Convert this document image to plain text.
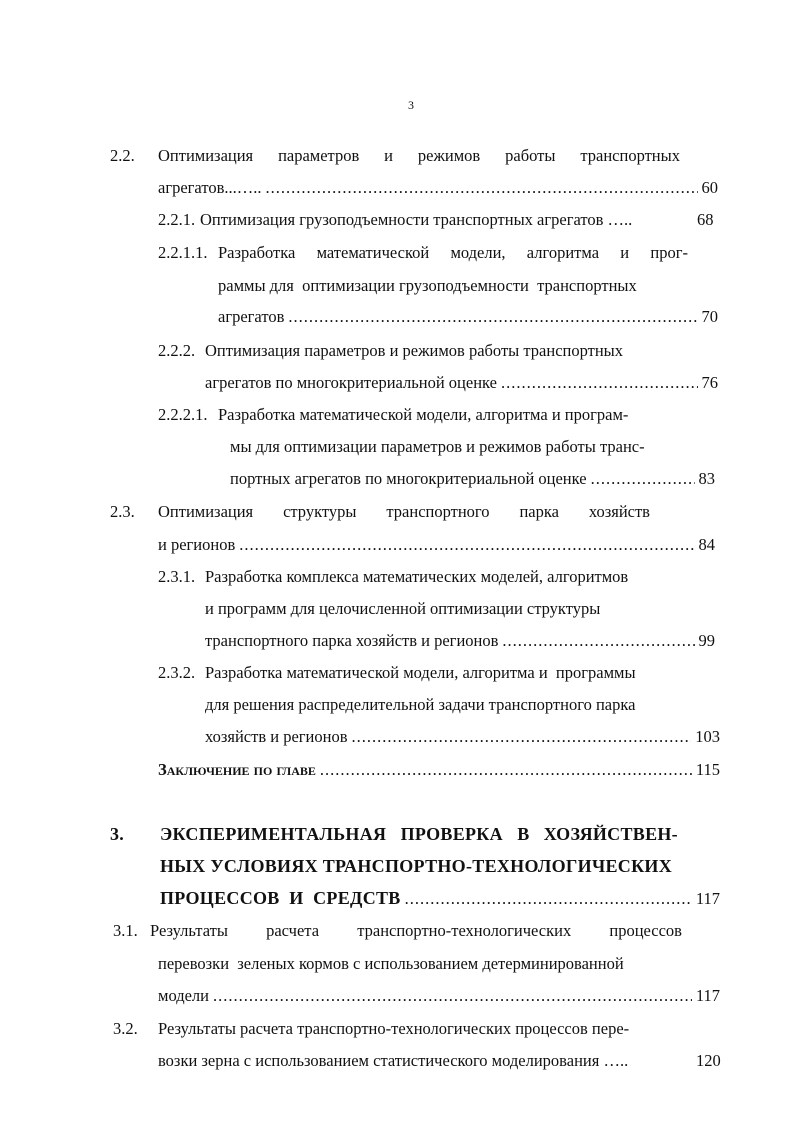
3
2.2. Оптимизация параметров и режимов работы транспортных
агрегатов...….. .....	60
2.2.1. Оптимизация грузоподъемности транспортных агрегатов …..	68
2.2.1.1. Разработка математической модели, алгоритма и прог-
раммы для  оптимизации грузоподъемности  транспортных
агрегатов .....	70
2.2.2. Оптимизация параметров и режимов работы транспортных
агрегатов по многокритериальной оценке .....	76
2.2.2.1. Разработка математической модели, алгоритма и програм-
мы для оптимизации параметров и режимов работы транс-
портных агрегатов по многокритериальной оценке .....	83
2.3. Оптимизация структуры транспортного парка хозяйств
и регионов .....	84
2.3.1. Разработка комплекса математических моделей, алгоритмов
и программ для целочисленной оптимизации структуры
транспортного парка хозяйств и регионов .....	99
2.3.2. Разработка математической модели, алгоритма и  программы
для решения распределительной задачи транспортного парка
хозяйств и регионов .....	103
Заключение по главе .....	115
3. ЭКСПЕРИМЕНТАЛЬНАЯ ПРОВЕРКА В ХОЗЯЙСТВЕН-
НЫХ УСЛОВИЯХ ТРАНСПОРТНО-ТЕХНОЛОГИЧЕСКИХ
ПРОЦЕССОВ  И  СРЕДСТВ .....	117
3.1. Результаты расчета транспортно-технологических процессов
перевозки  зеленых кормов с использованием детерминированной
модели .....	117
3.2. Результаты расчета транспортно-технологических процессов пере-
возки зерна с использованием статистического моделирования …..	120
